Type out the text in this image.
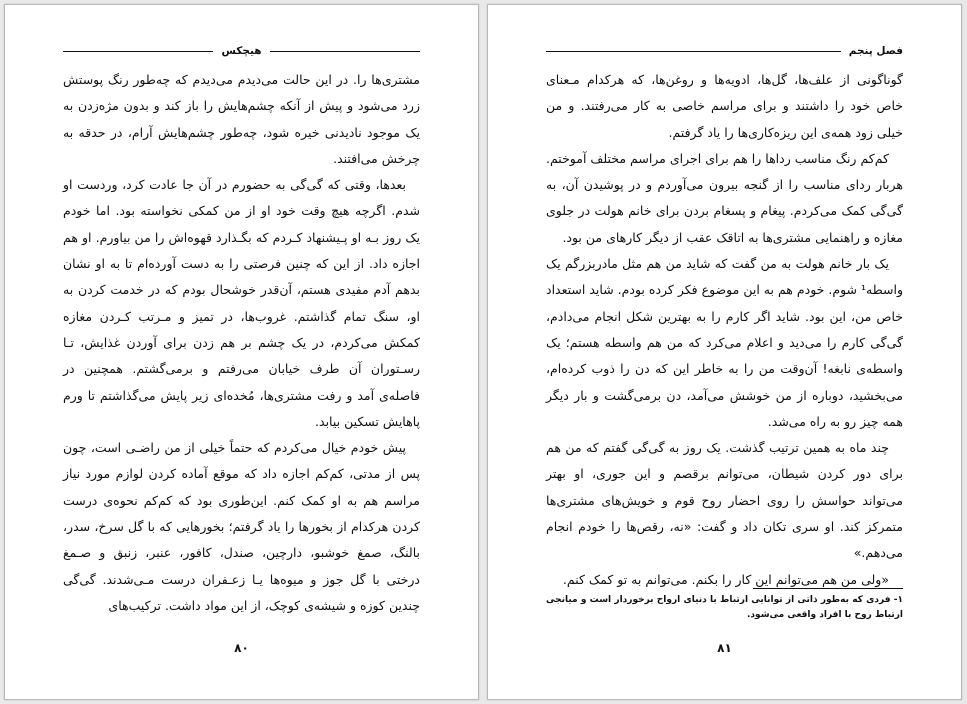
هیچکس

مشتری‌ها را. در این حالت می‌دیدم می‌دیدم که چه‌طور رنگ پوستش زرد می‌شود و پیش از آنکه چشم‌هایش را باز کند و بدون مژه‌زدن به یک موجود نادیدنی خیره شود، چه‌طور چشم‌هایش آرام، در حدقه به چرخش می‌افتند.

بعدها، وقتی که گی‌گی به حضورم در آن جا عادت کرد، وردست او شدم. اگرچه هیچ وقت خود او از من کمکی نخواسته بود. اما خودم یک روز بـه او پـیشنهاد کـردم که بگـذارد قهوه‌اش را من بیاورم. او هم اجازه داد. از این که چنین فرصتی را به دست آورده‌ام تا به او نشان بدهم آدم مفیدی هستم، آن‌قدر خوشحال بودم که در خدمت کردن به او، سنگ تمام گذاشتم. غروب‌ها، در تمیز و مـرتب کـردن مغازه کمکش می‌کردم، در یک چشم بر هم زدن برای آوردن غذایش، تـا رسـتوران آن طرف خیابان می‌رفتم و برمی‌گشتم. همچنین در فاصله‌ی آمد و رفت مشتری‌ها، مُخده‌ای زیر پایش می‌گذاشتم تا ورم پاهایش تسکین بیابد.

پیش خودم خیال می‌کردم که حتماً خیلی از من راضـی است، چون پس از مدتی، کم‌کم اجازه داد که موقع آماده کردن لوازم مورد نیاز مراسم هم به او کمک کنم. این‌طوری بود که کم‌کم نحوه‌ی درست کردن هرکدام از بخورها را یاد گرفتم؛ بخورهایی که با گل سرخ، سدر، بالنگ، صمغ خوشبو، دارچین، صندل، کافور، عنبر، زنبق و صـمغ درختی با گل جوز و میوه‌ها یـا زعـفران درست مـی‌شدند. گی‌گی چندین کوزه و شیشه‌ی کوچک، از این مواد داشت. ترکیب‌های

۸۰
فصل پنجم

گوناگونی از علف‌ها، گل‌ها، ادویه‌ها و روغن‌ها، که هرکدام مـعنای خاص خود را داشتند و برای مراسم خاصی به کار می‌رفتند. و من خیلی زود همه‌ی این ریزه‌کاری‌ها را یاد گرفتم.

کم‌کم رنگ مناسب رداها را هم برای اجرای مراسم مختلف آموختم. هربار ردای مناسب را از گنجه بیرون می‌آوردم و در پوشیدن آن، به گی‌گی کمک می‌کردم. پیغام و پسغام بردن برای خانم هولت در جلوی مغازه و راهنمایی مشتری‌ها به اتاقک عقب از دیگر کارهای من بود.

یک بار خانم هولت به من گفت که شاید من هم مثل مادربزرگم یک واسطه¹ شوم. خودم هم به این موضوع فکر کرده بودم. شاید استعداد خاص من، این بود. شاید اگر کارم را به بهترین شکل انجام می‌دادم، گی‌گی کارم را می‌دید و اعلام می‌کرد که من هم واسطه هستم؛ یک واسطه‌ی نابغه! آن‌وقت من را به خاطر این که دن را ذوب کرده‌ام، می‌بخشید، دوباره از من خوشش می‌آمد، دن برمی‌گشت و بار دیگر همه چیز رو به راه می‌شد.

چند ماه به همین ترتیب گذشت. یک روز به گی‌گی گفتم که من هم برای دور کردن شیطان، می‌توانم برقصم و این جوری، او بهتر می‌تواند حواسش را روی احضار روح قوم و خویش‌های مشتری‌ها متمرکز کند. او سری تکان داد و گفت: «نه، رقص‌ها را خودم انجام می‌دهم.»

«ولی من هم می‌توانم این کار را بکنم. می‌توانم به تو کمک کنم.

۱- فردی که به‌طور ذاتی از توانایی ارتباط با دنیای ارواح برخوردار است و میانجی ارتباط روح با افراد واقعی می‌شود.
۸۱
